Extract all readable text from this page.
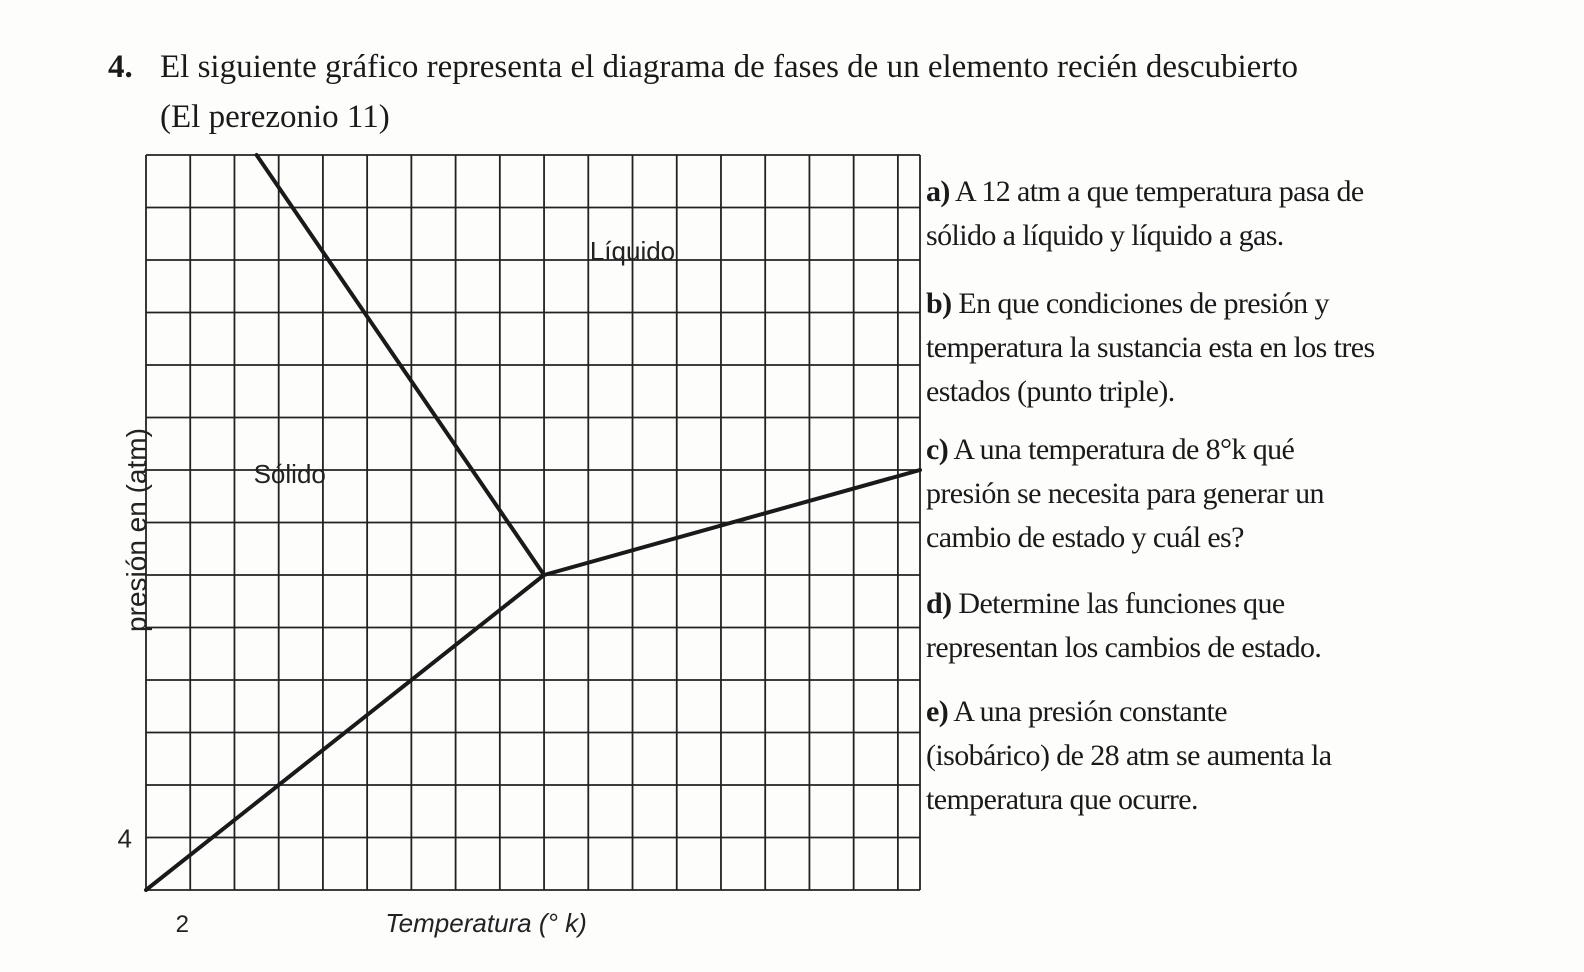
4. El siguiente gráfico representa el diagrama de fases de un elemento recién descubierto
(El perezonio 11)
Líquido
Sólido
4
2	Temperatura (° k)
presión en (atm)
a) A 12 atm a que temperatura pasa de
sólido a líquido y líquido a gas.
b) En que condiciones de presión y
temperatura la sustancia esta en los tres
estados (punto triple).
c) A una temperatura de 8°k qué
presión se necesita para generar un
cambio de estado y cuál es?
d) Determine las funciones que
representan los cambios de estado.
e) A una presión constante
(isobárico) de 28 atm se aumenta la
temperatura que ocurre.
